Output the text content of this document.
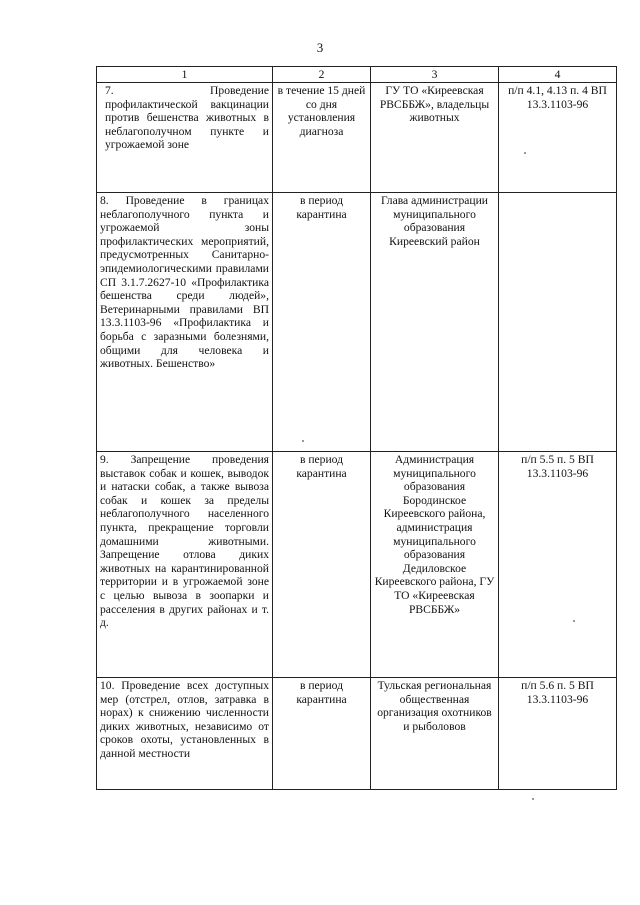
3
1	2	3	4
7. Проведение профилактической вакцинации против бешенства животных в неблагополучном пункте и угрожаемой зоне	в течение 15 дней со дня установления диагноза	ГУ ТО «Киреевская РВСББЖ», владельцы животных	п/п 4.1, 4.13 п. 4 ВП 13.3.1103-96
8. Проведение в границах неблагополучного пункта и угрожаемой зоны профилактических мероприятий, предусмотренных Санитарно-эпидемиологическими правилами СП 3.1.7.2627-10 «Профилактика бешенства среди людей», Ветеринарными правилами ВП 13.3.1103-96 «Профилактика и борьба с заразными болезнями, общими для человека и животных. Бешенство»	в период карантина	Глава администрации муниципального образования Киреевский район	
9. Запрещение проведения выставок собак и кошек, выводок и натаски собак, а также вывоза собак и кошек за пределы неблагополучного населенного пункта, прекращение торговли домашними животными. Запрещение отлова диких животных на карантинированной территории и в угрожаемой зоне с целью вывоза в зоопарки и расселения в других районах и т. д.	в период карантина	Администрация муниципального образования Бородинское Киреевского района, администрация муниципального образования Дедиловское Киреевского района, ГУ ТО «Киреевская РВСББЖ»	п/п 5.5 п. 5 ВП 13.3.1103-96
10. Проведение всех доступных мер (отстрел, отлов, затравка в норах) к снижению численности диких животных, независимо от сроков охоты, установленных в данной местности	в период карантина	Тульская региональная общественная организация охотников и рыболовов	п/п 5.6 п. 5 ВП 13.3.1103-96
